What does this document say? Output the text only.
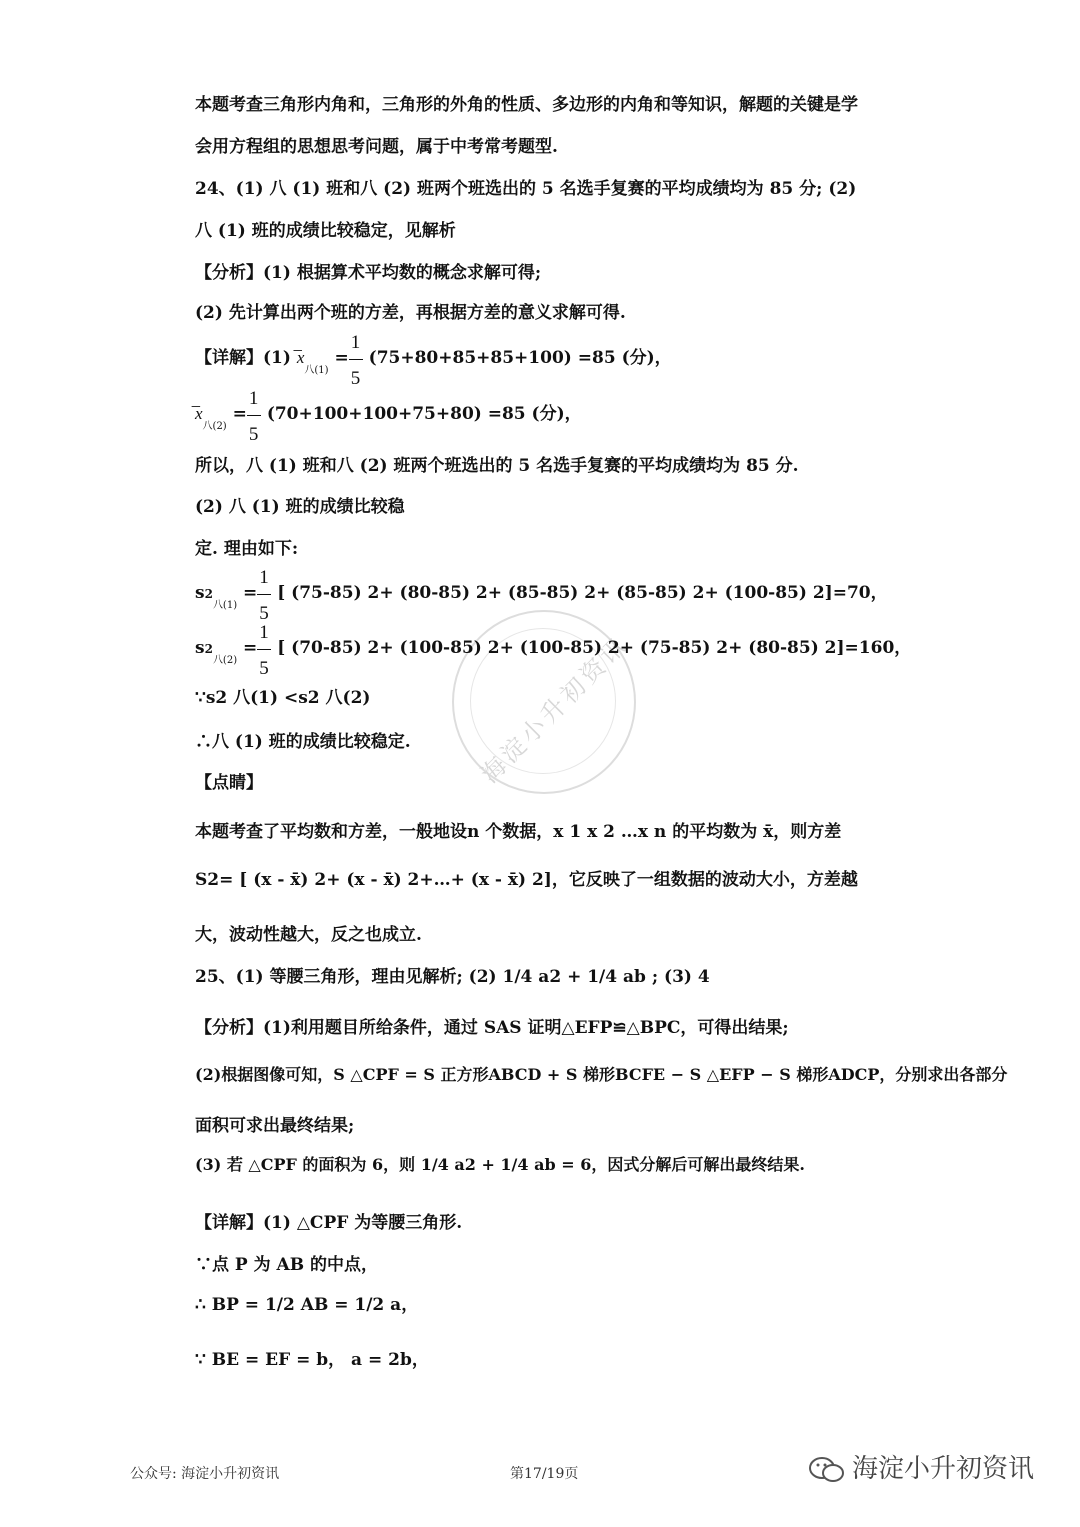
海淀小升初资讯
本题考查三角形内角和，三角形的外角的性质、多边形的内角和等知识，解题的关键是学
会用方程组的思想思考问题，属于中考常考题型.
24、(1) 八 (1) 班和八 (2) 班两个班选出的 5 名选手复赛的平均成绩均为 85 分; (2)
八 (1) 班的成绩比较稳定，见解析
【分析】(1) 根据算术平均数的概念求解可得;
(2) 先计算出两个班的方差，再根据方差的意义求解可得.
【详解】(1) $̅x_{八(1)} = \frac{1}{5} (75+80+85+85+100) =85$ (分)，
$̅x_{八(2)} = \frac{1}{5} (70+100+100+75+80) =85$ (分)，
所以，八 (1) 班和八 (2) 班两个班选出的 5 名选手复赛的平均成绩均为 85 分.
(2) 八 (1) 班的成绩比较稳
定. 理由如下:
$s2_{八(1)} = \frac{1}{5}$ [ (75-85) 2+ (80-85) 2+ (85-85) 2+ (85-85) 2+ (100-85) 2]=70，
$s2_{八(2)} = \frac{1}{5}$ [ (70-85) 2+ (100-85) 2+ (100-85) 2+ (75-85) 2+ (80-85) 2]=160，
∵s2 八(1) <s2 八(2)
∴八 (1) 班的成绩比较稳定.
【点睛】
本题考查了平均数和方差，一般地设n 个数据，x 1 x 2 …x n 的平均数为 x̄，则方差
S2= [ (x - x̄) 2+ (x - x̄) 2+…+ (x - x̄) 2]，它反映了一组数据的波动大小，方差越
大，波动性越大，反之也成立.
25、(1) 等腰三角形，理由见解析; (2) 1/4 a2 + 1/4 ab ; (3) 4
【分析】(1)利用题目所给条件，通过 SAS 证明△EFP≌△BPC，可得出结果;
(2)根据图像可知，S △CPF = S 正方形ABCD + S 梯形BCFE − S △EFP − S 梯形ADCP，分别求出各部分
面积可求出最终结果;
(3) 若 △CPF 的面积为 6，则 1/4 a2 + 1/4 ab = 6，因式分解后可解出最终结果.
【详解】(1) △CPF 为等腰三角形.
∵点 P 为 AB 的中点，
∴ BP = 1/2 AB = 1/2 a，
∵ BE = EF = b， a = 2b，
公众号: 海淀小升初资讯	第17/19页	海淀小升初资讯
